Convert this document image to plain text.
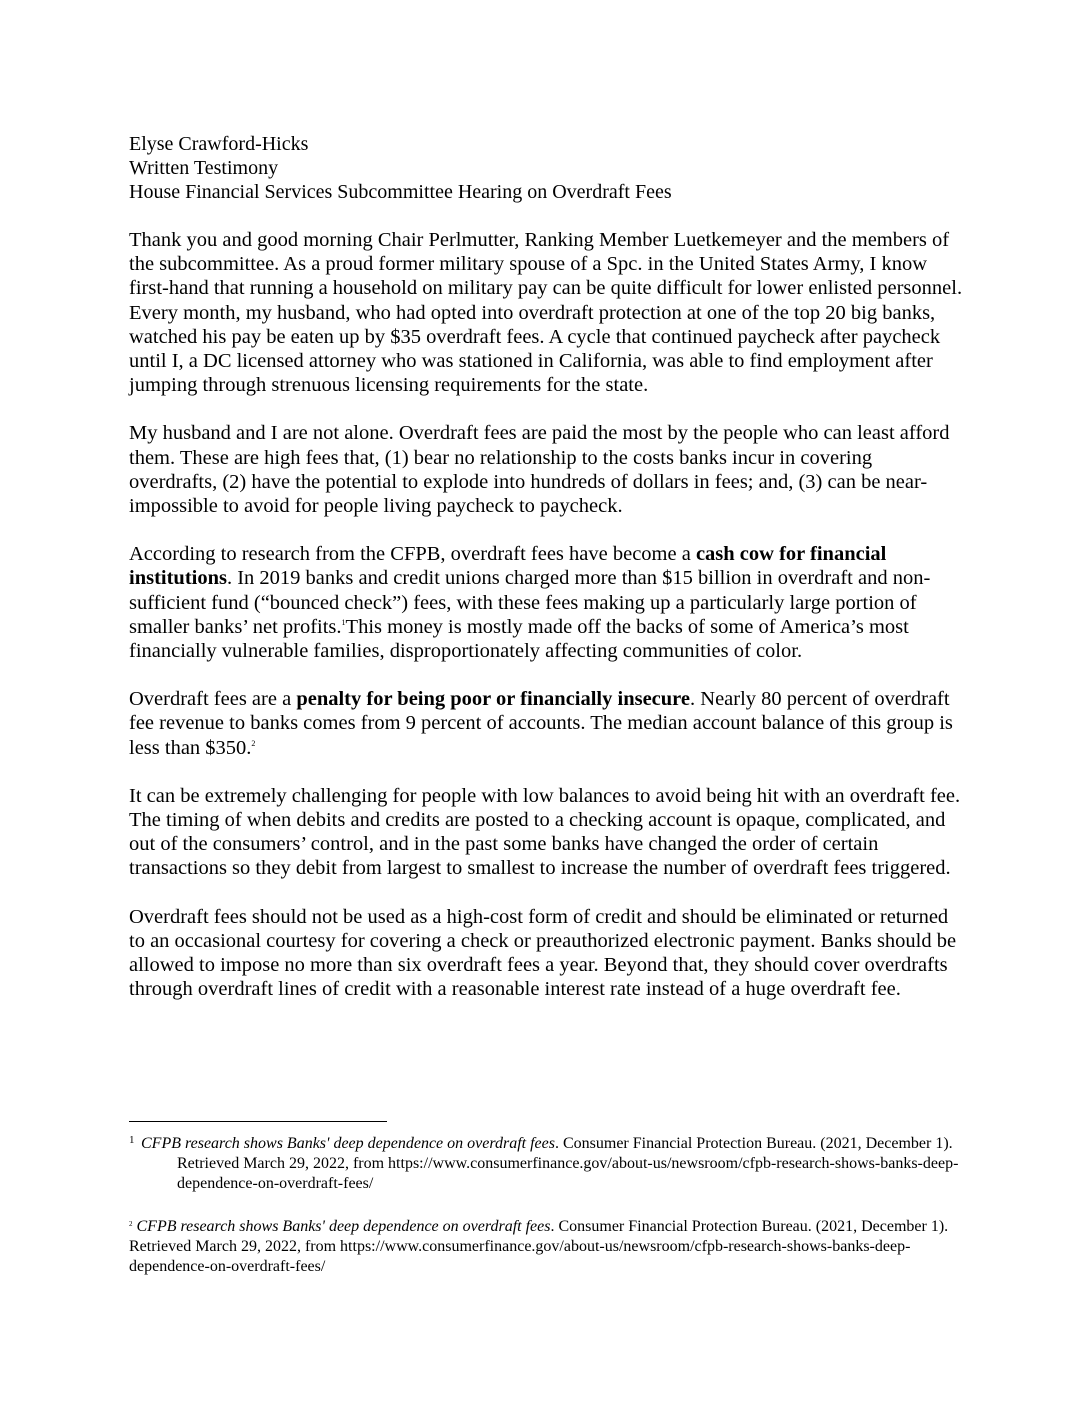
Elyse Crawford-Hicks
Written Testimony
House Financial Services Subcommittee Hearing on Overdraft Fees

Thank you and good morning Chair Perlmutter, Ranking Member Luetkemeyer and the members of the subcommittee. As a proud former military spouse of a Spc. in the United States Army, I know first-hand that running a household on military pay can be quite difficult for lower enlisted personnel. Every month, my husband, who had opted into overdraft protection at one of the top 20 big banks, watched his pay be eaten up by $35 overdraft fees. A cycle that continued paycheck after paycheck until I, a DC licensed attorney who was stationed in California, was able to find employment after jumping through strenuous licensing requirements for the state.

My husband and I are not alone. Overdraft fees are paid the most by the people who can least afford them. These are high fees that, (1) bear no relationship to the costs banks incur in covering overdrafts, (2) have the potential to explode into hundreds of dollars in fees; and, (3) can be near-impossible to avoid for people living paycheck to paycheck.

According to research from the CFPB, overdraft fees have become a cash cow for financial institutions. In 2019 banks and credit unions charged more than $15 billion in overdraft and non-sufficient fund (“bounced check”) fees, with these fees making up a particularly large portion of smaller banks’ net profits.$^1$This money is mostly made off the backs of some of America’s most financially vulnerable families, disproportionately affecting communities of color.

Overdraft fees are a penalty for being poor or financially insecure. Nearly 80 percent of overdraft fee revenue to banks comes from 9 percent of accounts. The median account balance of this group is less than $350.$^2$

It can be extremely challenging for people with low balances to avoid being hit with an overdraft fee. The timing of when debits and credits are posted to a checking account is opaque, complicated, and out of the consumers’ control, and in the past some banks have changed the order of certain transactions so they debit from largest to smallest to increase the number of overdraft fees triggered.

Overdraft fees should not be used as a high-cost form of credit and should be eliminated or returned to an occasional courtesy for covering a check or preauthorized electronic payment. Banks should be allowed to impose no more than six overdraft fees a year. Beyond that, they should cover overdrafts through overdraft lines of credit with a reasonable interest rate instead of a huge overdraft fee.

1 CFPB research shows Banks' deep dependence on overdraft fees. Consumer Financial Protection Bureau. (2021, December 1). Retrieved March 29, 2022, from https://www.consumerfinance.gov/about-us/newsroom/cfpb-research-shows-banks-deep-dependence-on-overdraft-fees/
$^2$ CFPB research shows Banks' deep dependence on overdraft fees. Consumer Financial Protection Bureau. (2021, December 1). Retrieved March 29, 2022, from https://www.consumerfinance.gov/about-us/newsroom/cfpb-research-shows-banks-deep-dependence-on-overdraft-fees/
